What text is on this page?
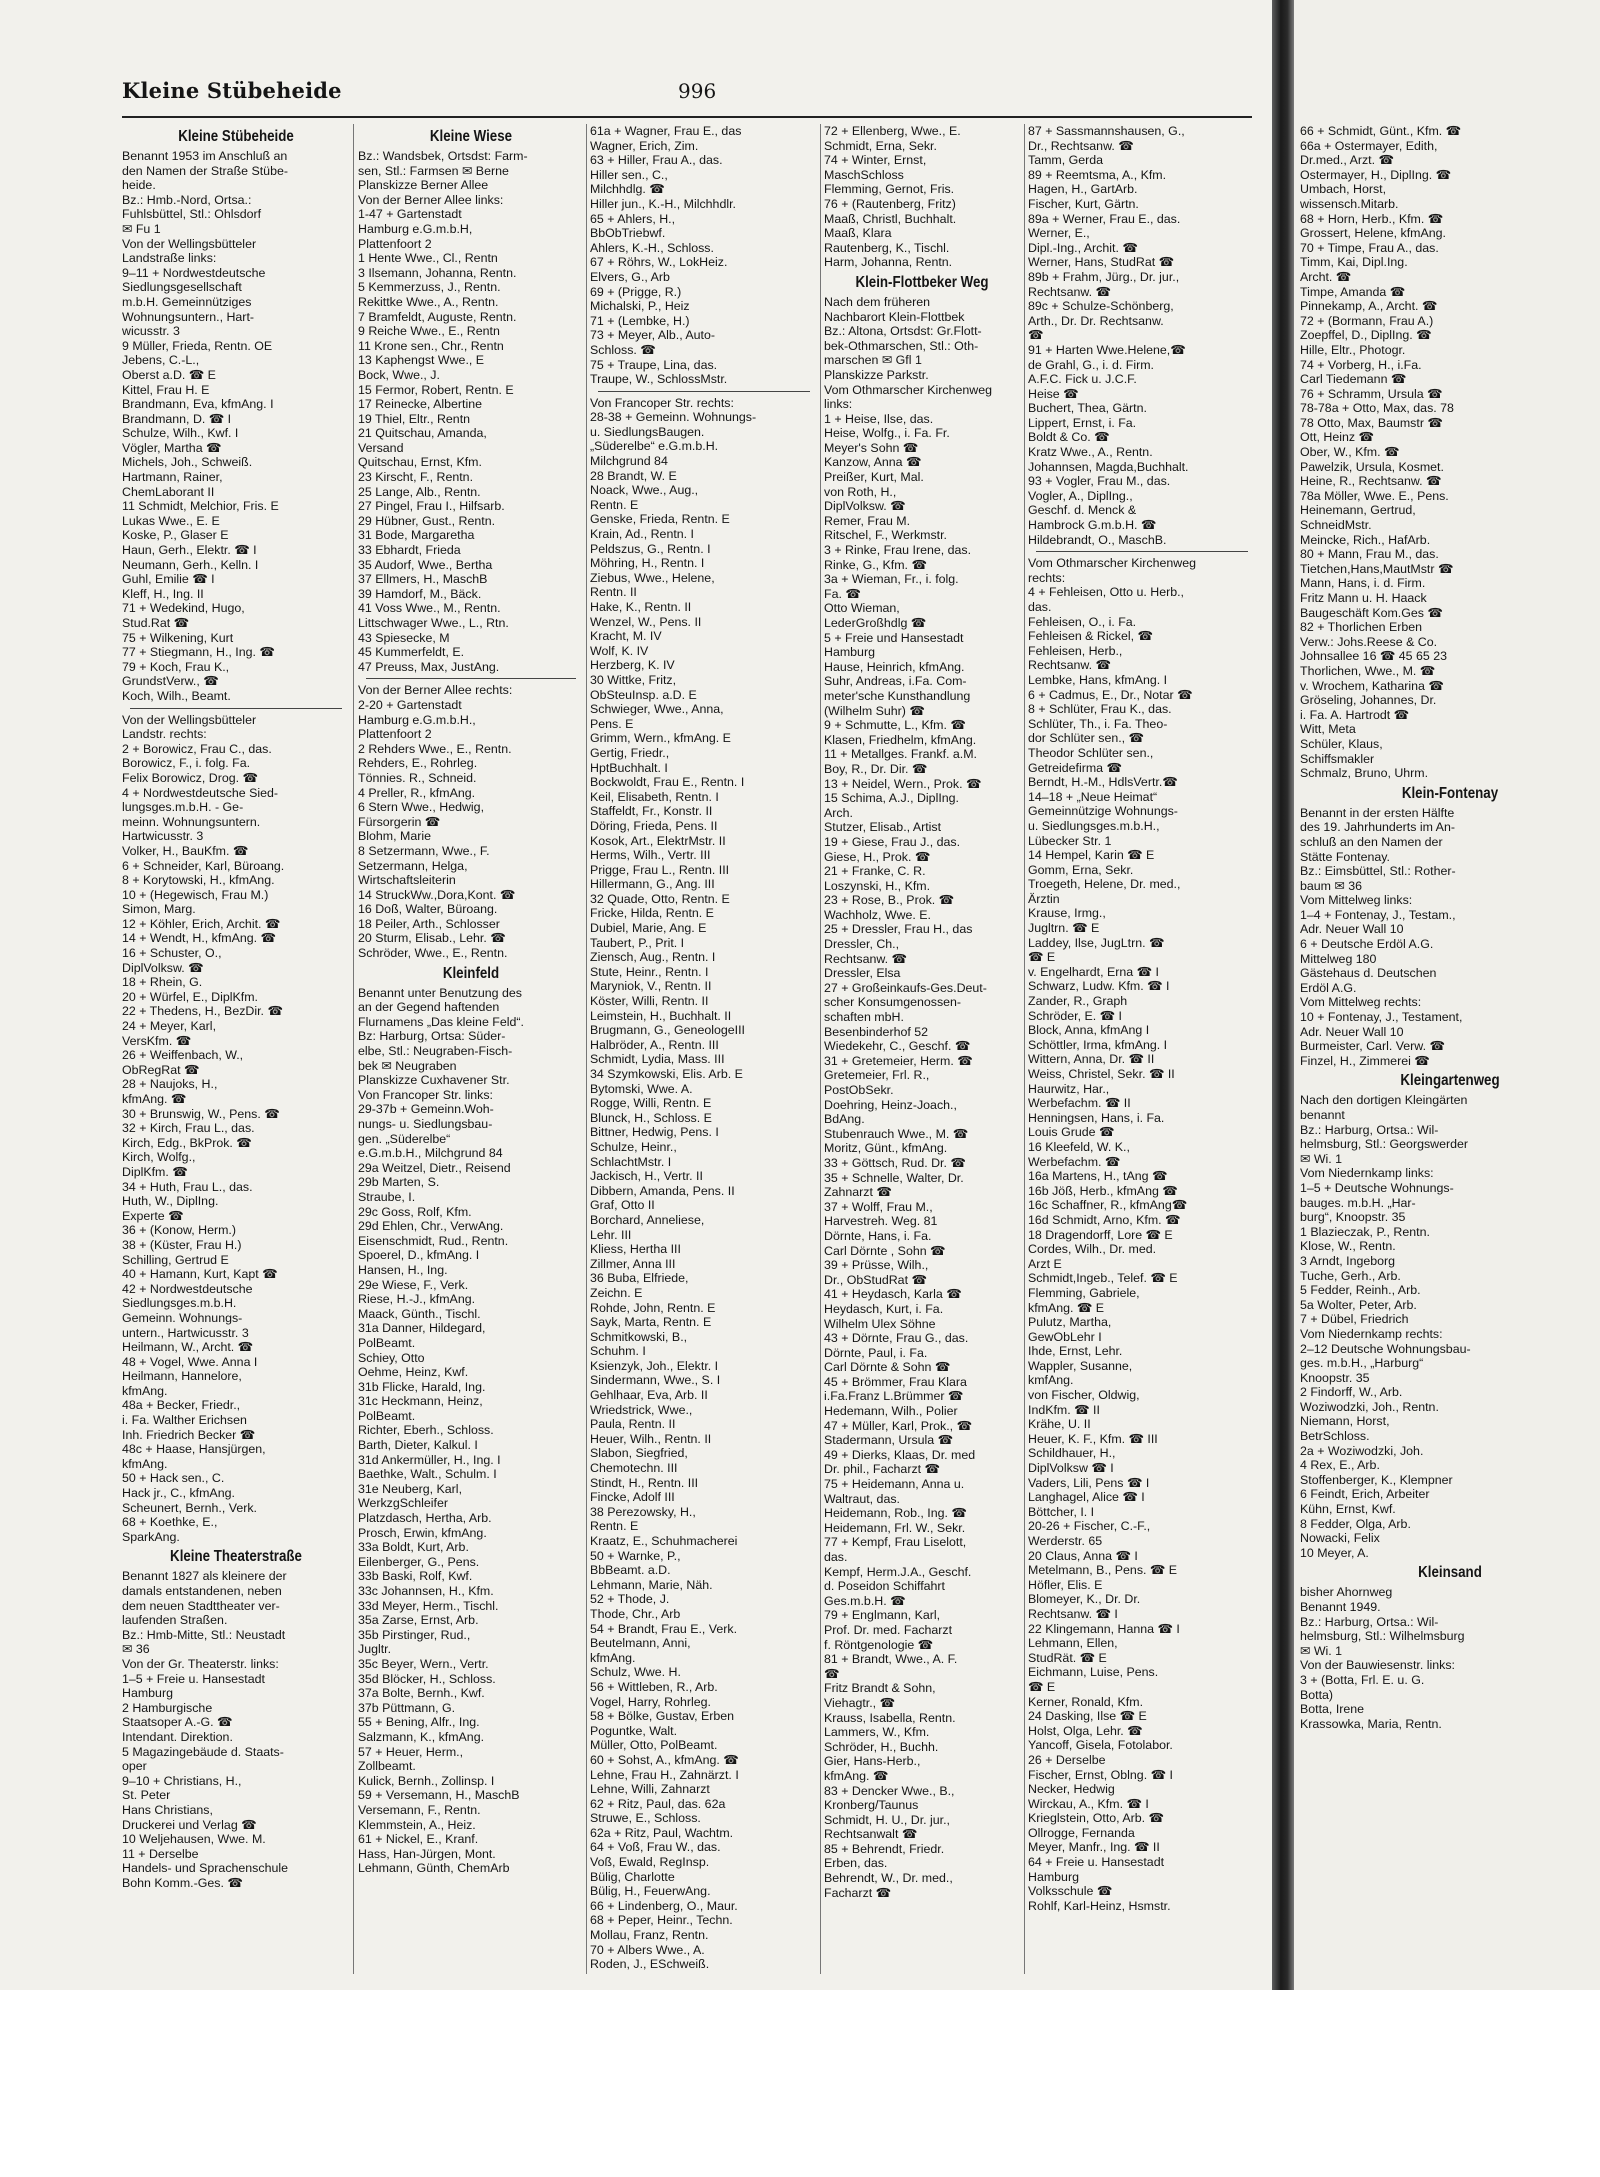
Kleine Stübeheide	996
Kleine Stübeheide
Benannt 1953 im Anschluß an
den Namen der Straße Stübe-
heide.
Bz.: Hmb.-Nord, Ortsa.:
Fuhlsbüttel, Stl.: Ohlsdorf
✉ Fu 1
Von der Wellingsbütteler
Landstraße links:
9–11 + Nordwestdeutsche
Siedlungsgesellschaft
m.b.H. Gemeinnütziges
Wohnungsuntern., Hart-
wicusstr. 3
9 Müller, Frieda, Rentn. OE
Jebens, C.-L.,
Oberst a.D. ☎ E
Kittel, Frau H. E
Brandmann, Eva, kfmAng. I
Brandmann, D. ☎ I
Schulze, Wilh., Kwf. I
Vögler, Martha ☎
Michels, Joh., Schweiß.
Hartmann, Rainer,
ChemLaborant II
11 Schmidt, Melchior, Fris. E
Lukas Wwe., E. E
Koske, P., Glaser E
Haun, Gerh., Elektr. ☎ I
Neumann, Gerh., Kelln. I
Guhl, Emilie ☎ I
Kleff, H., Ing. II
71 + Wedekind, Hugo,
Stud.Rat ☎
75 + Wilkening, Kurt
77 + Stiegmann, H., Ing. ☎
79 + Koch, Frau K.,
GrundstVerw., ☎
Koch, Wilh., Beamt.
Von der Wellingsbütteler
Landstr. rechts:
2 + Borowicz, Frau C., das.
Borowicz, F., i. folg. Fa.
Felix Borowicz, Drog. ☎
4 + Nordwestdeutsche Sied-
lungsges.m.b.H. - Ge-
meinn. Wohnungsuntern.
Hartwicusstr. 3
Volker, H., BauKfm. ☎
6 + Schneider, Karl, Büroang.
8 + Korytowski, H., kfmAng.
10 + (Hegewisch, Frau M.)
Simon, Marg.
12 + Köhler, Erich, Archit. ☎
14 + Wendt, H., kfmAng. ☎
16 + Schuster, O.,
DiplVolksw. ☎
18 + Rhein, G.
20 + Würfel, E., DiplKfm.
22 + Thedens, H., BezDir. ☎
24 + Meyer, Karl,
VersKfm. ☎
26 + Weiffenbach, W.,
ObRegRat ☎
28 + Naujoks, H.,
kfmAng. ☎
30 + Brunswig, W., Pens. ☎
32 + Kirch, Frau L., das.
Kirch, Edg., BkProk. ☎
Kirch, Wolfg.,
DiplKfm. ☎
34 + Huth, Frau L., das.
Huth, W., DiplIng.
Experte ☎
36 + (Konow, Herm.)
38 + (Küster, Frau H.)
Schilling, Gertrud E
40 + Hamann, Kurt, Kapt ☎
42 + Nordwestdeutsche
Siedlungsges.m.b.H.
Gemeinn. Wohnungs-
untern., Hartwicusstr. 3
Heilmann, W., Archt. ☎
48 + Vogel, Wwe. Anna I
Heilmann, Hannelore,
kfmAng.
48a + Becker, Friedr.,
i. Fa. Walther Erichsen
Inh. Friedrich Becker ☎
48c + Haase, Hansjürgen,
kfmAng.
50 + Hack sen., C.
Hack jr., C., kfmAng.
Scheunert, Bernh., Verk.
68 + Koethke, E.,
SparkAng.
Kleine Theaterstraße
Benannt 1827 als kleinere der
damals entstandenen, neben
dem neuen Stadttheater ver-
laufenden Straßen.
Bz.: Hmb-Mitte, Stl.: Neustadt
✉ 36
Von der Gr. Theaterstr. links:
1–5 + Freie u. Hansestadt
Hamburg
2 Hamburgische
Staatsoper A.-G. ☎
Intendant. Direktion.
5 Magazingebäude d. Staats-
oper
9–10 + Christians, H.,
St. Peter
Hans Christians,
Druckerei und Verlag ☎
10 Weljehausen, Wwe. M.
11 + Derselbe
Handels- und Sprachenschule
Bohn Komm.-Ges. ☎
Kleine Wiese
Bz.: Wandsbek, Ortsdst: Farm-
sen, Stl.: Farmsen ✉ Berne
Planskizze Berner Allee
Von der Berner Allee links:
1-47 + Gartenstadt
Hamburg e.G.m.b.H,
Plattenfoort 2
1 Hente Wwe., Cl., Rentn
3 Ilsemann, Johanna, Rentn.
5 Kemmerzuss, J., Rentn.
Rekittke Wwe., A., Rentn.
7 Bramfeldt, Auguste, Rentn.
9 Reiche Wwe., E., Rentn
11 Krone sen., Chr., Rentn
13 Kaphengst Wwe., E
Bock, Wwe., J.
15 Fermor, Robert, Rentn. E
17 Reinecke, Albertine
19 Thiel, Eltr., Rentn
21 Quitschau, Amanda,
Versand
Quitschau, Ernst, Kfm.
23 Kirscht, F., Rentn.
25 Lange, Alb., Rentn.
27 Pingel, Frau I., Hilfsarb.
29 Hübner, Gust., Rentn.
31 Bode, Margaretha
33 Ebhardt, Frieda
35 Audorf, Wwe., Bertha
37 Ellmers, H., MaschB
39 Hamdorf, M., Bäck.
41 Voss Wwe., M., Rentn.
Littschwager Wwe., L., Rtn.
43 Spiesecke, M
45 Kummerfeldt, E.
47 Preuss, Max, JustAng.
Von der Berner Allee rechts:
2-20 + Gartenstadt
Hamburg e.G.m.b.H.,
Plattenfoort 2
2 Rehders Wwe., E., Rentn.
Rehders, E., Rohrleg.
Tönnies. R., Schneid.
4 Preller, R., kfmAng.
6 Stern Wwe., Hedwig,
Fürsorgerin ☎
Blohm, Marie
8 Setzermann, Wwe., F.
Setzermann, Helga,
Wirtschaftsleiterin
14 StruckWw.,Dora,Kont. ☎
16 Doß, Walter, Büroang.
18 Peiler, Arth., Schlosser
20 Sturm, Elisab., Lehr. ☎
Schröder, Wwe., E., Rentn.
Kleinfeld
Benannt unter Benutzung des
an der Gegend haftenden
Flurnamens „Das kleine Feld“.
Bz: Harburg, Ortsa: Süder-
elbe, Stl.: Neugraben-Fisch-
bek ✉ Neugraben
Planskizze Cuxhavener Str.
Von Francoper Str. links:
29-37b + Gemeinn.Woh-
nungs- u. Siedlungsbau-
gen. „Süderelbe“
e.G.m.b.H., Milchgrund 84
29a Weitzel, Dietr., Reisend
29b Marten, S.
Straube, I.
29c Goss, Rolf, Kfm.
29d Ehlen, Chr., VerwAng.
Eisenschmidt, Rud., Rentn.
Spoerel, D., kfmAng. I
Hansen, H., Ing.
29e Wiese, F., Verk.
Riese, H.-J., kfmAng.
Maack, Günth., Tischl.
31a Danner, Hildegard,
PolBeamt.
Schiey, Otto
Oehme, Heinz, Kwf.
31b Flicke, Harald, Ing.
31c Heckmann, Heinz,
PolBeamt.
Richter, Eberh., Schloss.
Barth, Dieter, Kalkul. I
31d Ankermüller, H., Ing. I
Baethke, Walt., Schulm. I
31e Neuberg, Karl,
WerkzgSchleifer
Platzdasch, Hertha, Arb.
Prosch, Erwin, kfmAng.
33a Boldt, Kurt, Arb.
Eilenberger, G., Pens.
33b Baski, Rolf, Kwf.
33c Johannsen, H., Kfm.
33d Meyer, Herm., Tischl.
35a Zarse, Ernst, Arb.
35b Pirstinger, Rud.,
Jugltr.
35c Beyer, Wern., Vertr.
35d Blöcker, H., Schloss.
37a Bolte, Bernh., Kwf.
37b Püttmann, G.
55 + Bening, Alfr., Ing.
Salzmann, K., kfmAng.
57 + Heuer, Herm.,
Zollbeamt.
Kulick, Bernh., Zollinsp. I
59 + Versemann, H., MaschB
Versemann, F., Rentn.
Klemmstein, A., Heiz.
61 + Nickel, E., Kranf.
Hass, Han-Jürgen, Mont.
Lehmann, Günth, ChemArb
61a + Wagner, Frau E., das
Wagner, Erich, Zim.
63 + Hiller, Frau A., das.
Hiller sen., C.,
Milchhdlg. ☎
Hiller jun., K.-H., Milchhdlr.
65 + Ahlers, H.,
BbObTriebwf.
Ahlers, K.-H., Schloss.
67 + Röhrs, W., LokHeiz.
Elvers, G., Arb
69 + (Prigge, R.)
Michalski, P., Heiz
71 + (Lembke, H.)
73 + Meyer, Alb., Auto-
Schloss. ☎
75 + Traupe, Lina, das.
Traupe, W., SchlossMstr.
Von Francoper Str. rechts:
28-38 + Gemeinn. Wohnungs-
u. SiedlungsBaugen.
„Süderelbe“ e.G.m.b.H.
Milchgrund 84
28 Brandt, W. E
Noack, Wwe., Aug.,
Rentn. E
Genske, Frieda, Rentn. E
Krain, Ad., Rentn. I
Peldszus, G., Rentn. I
Möhring, H., Rentn. I
Ziebus, Wwe., Helene,
Rentn. II
Hake, K., Rentn. II
Wenzel, W., Pens. II
Kracht, M. IV
Wolf, K. IV
Herzberg, K. IV
30 Wittke, Fritz,
ObSteuInsp. a.D. E
Schwieger, Wwe., Anna,
Pens. E
Grimm, Wern., kfmAng. E
Gertig, Friedr.,
HptBuchhalt. I
Bockwoldt, Frau E., Rentn. I
Keil, Elisabeth, Rentn. I
Staffeldt, Fr., Konstr. II
Döring, Frieda, Pens. II
Kosok, Art., ElektrMstr. II
Herms, Wilh., Vertr. III
Prigge, Frau L., Rentn. III
Hillermann, G., Ang. III
32 Quade, Otto, Rentn. E
Fricke, Hilda, Rentn. E
Dubiel, Marie, Ang. E
Taubert, P., Prit. I
Ziensch, Aug., Rentn. I
Stute, Heinr., Rentn. I
Maryniok, V., Rentn. II
Köster, Willi, Rentn. II
Leimstein, H., Buchhalt. II
Brugmann, G., GeneologeIII
Halbröder, A., Rentn. III
Schmidt, Lydia, Mass. III
34 Szymkowski, Elis. Arb. E
Bytomski, Wwe. A.
Rogge, Willi, Rentn. E
Blunck, H., Schloss. E
Bittner, Hedwig, Pens. I
Schulze, Heinr.,
SchlachtMstr. I
Jackisch, H., Vertr. II
Dibbern, Amanda, Pens. II
Graf, Otto II
Borchard, Anneliese,
Lehr. III
Kliess, Hertha III
Zillmer, Anna III
36 Buba, Elfriede,
Zeichn. E
Rohde, John, Rentn. E
Sayk, Marta, Rentn. E
Schmitkowski, B.,
Schuhm. I
Ksienzyk, Joh., Elektr. I
Sindermann, Wwe., S. I
Gehlhaar, Eva, Arb. II
Wriedstrick, Wwe.,
Paula, Rentn. II
Heuer, Wilh., Rentn. II
Slabon, Siegfried,
Chemotechn. III
Stindt, H., Rentn. III
Fincke, Adolf III
38 Perezowsky, H.,
Rentn. E
Kraatz, E., Schuhmacherei
50 + Warnke, P.,
BbBeamt. a.D.
Lehmann, Marie, Näh.
52 + Thode, J.
Thode, Chr., Arb
54 + Brandt, Frau E., Verk.
Beutelmann, Anni,
kfmAng.
Schulz, Wwe. H.
56 + Wittleben, R., Arb.
Vogel, Harry, Rohrleg.
58 + Bölke, Gustav, Erben
Poguntke, Walt.
Müller, Otto, PolBeamt.
60 + Sohst, A., kfmAng. ☎
Lehne, Frau H., Zahnärzt. I
Lehne, Willi, Zahnarzt
62 + Ritz, Paul, das. 62a
Struwe, E., Schloss.
62a + Ritz, Paul, Wachtm.
64 + Voß, Frau W., das.
Voß, Ewald, RegInsp.
Bülig, Charlotte
Bülig, H., FeuerwAng.
66 + Lindenberg, O., Maur.
68 + Peper, Heinr., Techn.
Mollau, Franz, Rentn.
70 + Albers Wwe., A.
Roden, J., ESchweiß.
72 + Ellenberg, Wwe., E.
Schmidt, Erna, Sekr.
74 + Winter, Ernst,
MaschSchloss
Flemming, Gernot, Fris.
76 + (Rautenberg, Fritz)
Maaß, Christl, Buchhalt.
Maaß, Klara
Rautenberg, K., Tischl.
Harm, Johanna, Rentn.
Klein-Flottbeker Weg
Nach dem früheren
Nachbarort Klein-Flottbek
Bz.: Altona, Ortsdst: Gr.Flott-
bek-Othmarschen, Stl.: Oth-
marschen ✉ Gfl 1
Planskizze Parkstr.
Vom Othmarscher Kirchenweg
links:
1 + Heise, Ilse, das.
Heise, Wolfg., i. Fa. Fr.
Meyer's Sohn ☎
Kanzow, Anna ☎
Preißer, Kurt, Mal.
von Roth, H.,
DiplVolksw. ☎
Remer, Frau M.
Ritschel, F., Werkmstr.
3 + Rinke, Frau Irene, das.
Rinke, G., Kfm. ☎
3a + Wieman, Fr., i. folg.
Fa. ☎
Otto Wieman,
LederGroßhdlg ☎
5 + Freie und Hansestadt
Hamburg
Hause, Heinrich, kfmAng.
Suhr, Andreas, i.Fa. Com-
meter'sche Kunsthandlung
(Wilhelm Suhr) ☎
9 + Schmutte, L., Kfm. ☎
Klasen, Friedhelm, kfmAng.
11 + Metallges. Frankf. a.M.
Boy, R., Dr. Dir. ☎
13 + Neidel, Wern., Prok. ☎
15 Schima, A.J., DiplIng.
Arch.
Stutzer, Elisab., Artist
19 + Giese, Frau J., das.
Giese, H., Prok. ☎
21 + Franke, C. R.
Loszynski, H., Kfm.
23 + Rose, B., Prok. ☎
Wachholz, Wwe. E.
25 + Dressler, Frau H., das
Dressler, Ch.,
Rechtsanw. ☎
Dressler, Elsa
27 + Großeinkaufs-Ges.Deut-
scher Konsumgenossen-
schaften mbH.
Besenbinderhof 52
Wiedekehr, C., Geschf. ☎
31 + Gretemeier, Herm. ☎
Gretemeier, Frl. R.,
PostObSekr.
Doehring, Heinz-Joach.,
BdAng.
Stubenrauch Wwe., M. ☎
Moritz, Günt., kfmAng.
33 + Göttsch, Rud. Dr. ☎
35 + Schnelle, Walter, Dr.
Zahnarzt ☎
37 + Wolff, Frau M.,
Harvestreh. Weg. 81
Dörnte, Hans, i. Fa.
Carl Dörnte , Sohn ☎
39 + Prüsse, Wilh.,
Dr., ObStudRat ☎
41 + Heydasch, Karla ☎
Heydasch, Kurt, i. Fa.
Wilhelm Ulex Söhne
43 + Dörnte, Frau G., das.
Dörnte, Paul, i. Fa.
Carl Dörnte & Sohn ☎
45 + Brömmer, Frau Klara
i.Fa.Franz L.Brümmer ☎
Hedemann, Wilh., Polier
47 + Müller, Karl, Prok., ☎
Stadermann, Ursula ☎
49 + Dierks, Klaas, Dr. med
Dr. phil., Facharzt ☎
75 + Heidemann, Anna u.
Waltraut, das.
Heidemann, Rob., Ing. ☎
Heidemann, Frl. W., Sekr.
77 + Kempf, Frau Liselott,
das.
Kempf, Herm.J.A., Geschf.
d. Poseidon Schiffahrt
Ges.m.b.H. ☎
79 + Englmann, Karl,
Prof. Dr. med. Facharzt
f. Röntgenologie ☎
81 + Brandt, Wwe., A. F.
☎
Fritz Brandt & Sohn,
Viehagtr., ☎
Krauss, Isabella, Rentn.
Lammers, W., Kfm.
Schröder, H., Buchh.
Gier, Hans-Herb.,
kfmAng. ☎
83 + Dencker Wwe., B.,
Kronberg/Taunus
Schmidt, H. U., Dr. jur.,
Rechtsanwalt ☎
85 + Behrendt, Friedr.
Erben, das.
Behrendt, W., Dr. med.,
Facharzt ☎
87 + Sassmannshausen, G.,
Dr., Rechtsanw. ☎
Tamm, Gerda
89 + Reemtsma, A., Kfm.
Hagen, H., GartArb.
Fischer, Kurt, Gärtn.
89a + Werner, Frau E., das.
Werner, E.,
Dipl.-Ing., Archit. ☎
Werner, Hans, StudRat ☎
89b + Frahm, Jürg., Dr. jur.,
Rechtsanw. ☎
89c + Schulze-Schönberg,
Arth., Dr. Dr. Rechtsanw.
☎
91 + Harten Wwe.Helene,☎
de Grahl, G., i. d. Firm.
A.F.C. Fick u. J.C.F.
Heise ☎
Buchert, Thea, Gärtn.
Lippert, Ernst, i. Fa.
Boldt & Co. ☎
Kratz Wwe., A., Rentn.
Johannsen, Magda,Buchhalt.
93 + Vogler, Frau M., das.
Vogler, A., DiplIng.,
Geschf. d. Menck &
Hambrock G.m.b.H. ☎
Hildebrandt, O., MaschB.
Vom Othmarscher Kirchenweg
rechts:
4 + Fehleisen, Otto u. Herb.,
das.
Fehleisen, O., i. Fa.
Fehleisen & Rickel, ☎
Fehleisen, Herb.,
Rechtsanw. ☎
Lembke, Hans, kfmAng. I
6 + Cadmus, E., Dr., Notar ☎
8 + Schlüter, Frau K., das.
Schlüter, Th., i. Fa. Theo-
dor Schlüter sen., ☎
Theodor Schlüter sen.,
Getreidefirma ☎
Berndt, H.-M., HdlsVertr.☎
14–18 + „Neue Heimat“
Gemeinnützige Wohnungs-
u. Siedlungsges.m.b.H.,
Lübecker Str. 1
14 Hempel, Karin ☎ E
Gomm, Erna, Sekr.
Troegeth, Helene, Dr. med.,
Ärztin
Krause, Irmg.,
Jugltrn. ☎ E
Laddey, Ilse, JugLtrn. ☎
☎ E
v. Engelhardt, Erna ☎ I
Schwarz, Ludw. Kfm. ☎ I
Zander, R., Graph
Schröder, E. ☎ I
Block, Anna, kfmAng I
Schöttler, Irma, kfmAng. I
Wittern, Anna, Dr. ☎ II
Weiss, Christel, Sekr. ☎ II
Haurwitz, Har.,
Werbefachm. ☎ II
Henningsen, Hans, i. Fa.
Louis Grude ☎
16 Kleefeld, W. K.,
Werbefachm. ☎
16a Martens, H., tAng ☎
16b Jöß, Herb., kfmAng ☎
16c Schaffner, R., kfmAng☎
16d Schmidt, Arno, Kfm. ☎
18 Dragendorff, Lore ☎ E
Cordes, Wilh., Dr. med.
Arzt E
Schmidt,Ingeb., Telef. ☎ E
Flemming, Gabriele,
kfmAng. ☎ E
Pulutz, Martha,
GewObLehr I
Ihde, Ernst, Lehr.
Wappler, Susanne,
kmfAng.
von Fischer, Oldwig,
IndKfm. ☎ II
Krähe, U. II
Heuer, K. F., Kfm. ☎ III
Schildhauer, H.,
DiplVolksw ☎ I
Vaders, Lili, Pens ☎ I
Langhagel, Alice ☎ I
Böttcher, I. I
20-26 + Fischer, C.-F.,
Werderstr. 65
20 Claus, Anna ☎ I
Metelmann, B., Pens. ☎ E
Höfler, Elis. E
Blomeyer, K., Dr. Dr.
Rechtsanw. ☎ I
22 Klingemann, Hanna ☎ I
Lehmann, Ellen,
StudRät. ☎ E
Eichmann, Luise, Pens.
☎ E
Kerner, Ronald, Kfm.
24 Dasking, Ilse ☎ E
Holst, Olga, Lehr. ☎
Yancoff, Gisela, Fotolabor.
26 + Derselbe
Fischer, Ernst, Oblng. ☎ I
Necker, Hedwig
Wirckau, A., Kfm. ☎ I
Krieglstein, Otto, Arb. ☎
Ollrogge, Fernanda
Meyer, Manfr., Ing. ☎ II
64 + Freie u. Hansestadt
Hamburg
Volksschule ☎
Rohlf, Karl-Heinz, Hsmstr.
66 + Schmidt, Günt., Kfm. ☎
66a + Ostermayer, Edith,
Dr.med., Arzt. ☎
Ostermayer, H., DiplIng. ☎
Umbach, Horst,
wissensch.Mitarb.
68 + Horn, Herb., Kfm. ☎
Grossert, Helene, kfmAng.
70 + Timpe, Frau A., das.
Timm, Kai, Dipl.Ing.
Archt. ☎
Timpe, Amanda ☎
Pinnekamp, A., Archt. ☎
72 + (Bormann, Frau A.)
Zoepffel, D., DiplIng. ☎
Hille, Eltr., Photogr.
74 + Vorberg, H., i.Fa.
Carl Tiedemann ☎
76 + Schramm, Ursula ☎
78-78a + Otto, Max, das. 78
78 Otto, Max, Baumstr ☎
Ott, Heinz ☎
Ober, W., Kfm. ☎
Pawelzik, Ursula, Kosmet.
Heine, R., Rechtsanw. ☎
78a Möller, Wwe. E., Pens.
Heinemann, Gertrud,
SchneidMstr.
Meincke, Rich., HafArb.
80 + Mann, Frau M., das.
Tietchen,Hans,MautMstr ☎
Mann, Hans, i. d. Firm.
Fritz Mann u. H. Haack
Baugeschäft Kom.Ges ☎
82 + Thorlichen Erben
Verw.: Johs.Reese & Co.
Johnsallee 16 ☎ 45 65 23
Thorlichen, Wwe., M. ☎
v. Wrochem, Katharina ☎
Gröseling, Johannes, Dr.
i. Fa. A. Hartrodt ☎
Witt, Meta
Schüler, Klaus,
Schiffsmakler
Schmalz, Bruno, Uhrm.
Klein-Fontenay
Benannt in der ersten Hälfte
des 19. Jahrhunderts im An-
schluß an den Namen der
Stätte Fontenay.
Bz.: Eimsbüttel, Stl.: Rother-
baum ✉ 36
Vom Mittelweg links:
1–4 + Fontenay, J., Testam.,
Adr. Neuer Wall 10
6 + Deutsche Erdöl A.G.
Mittelweg 180
Gästehaus d. Deutschen
Erdöl A.G.
Vom Mittelweg rechts:
10 + Fontenay, J., Testament,
Adr. Neuer Wall 10
Burmeister, Carl. Verw. ☎
Finzel, H., Zimmerei ☎
Kleingartenweg
Nach den dortigen Kleingärten
benannt
Bz.: Harburg, Ortsa.: Wil-
helmsburg, Stl.: Georgswerder
✉ Wi. 1
Vom Niedernkamp links:
1–5 + Deutsche Wohnungs-
bauges. m.b.H. „Har-
burg“, Knoopstr. 35
1 Blazieczak, P., Rentn.
Klose, W., Rentn.
3 Arndt, Ingeborg
Tuche, Gerh., Arb.
5 Fedder, Reinh., Arb.
5a Wolter, Peter, Arb.
7 + Dübel, Friedrich
Vom Niedernkamp rechts:
2–12 Deutsche Wohnungsbau-
ges. m.b.H., „Harburg“
Knoopstr. 35
2 Findorff, W., Arb.
Woziwodzki, Joh., Rentn.
Niemann, Horst,
BetrSchloss.
2a + Woziwodzki, Joh.
4 Rex, E., Arb.
Stoffenberger, K., Klempner
6 Feindt, Erich, Arbeiter
Kühn, Ernst, Kwf.
8 Fedder, Olga, Arb.
Nowacki, Felix
10 Meyer, A.
Kleinsand
bisher Ahornweg
Benannt 1949.
Bz.: Harburg, Ortsa.: Wil-
helmsburg, Stl.: Wilhelmsburg
✉ Wi. 1
Von der Bauwiesenstr. links:
3 + (Botta, Frl. E. u. G.
Botta)
Botta, Irene
Krassowka, Maria, Rentn.
